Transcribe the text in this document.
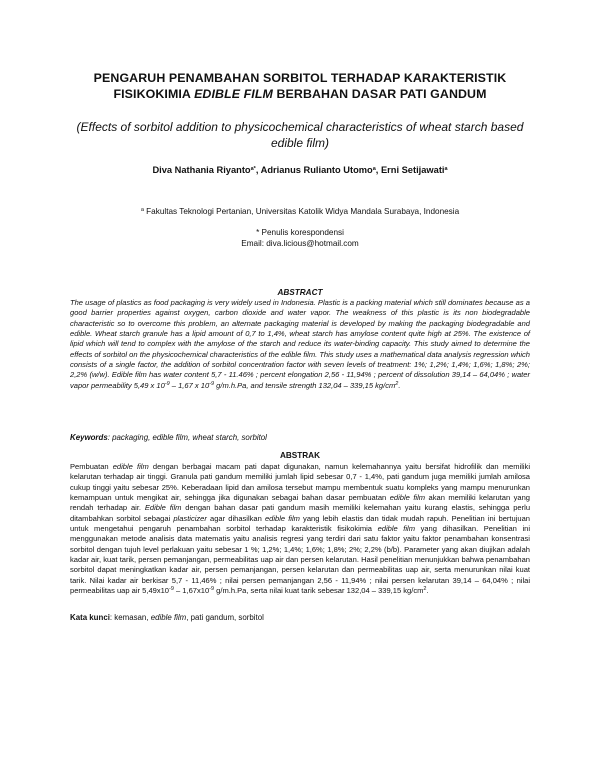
PENGARUH PENAMBAHAN SORBITOL TERHADAP KARAKTERISTIK
FISIKOKIMIA EDIBLE FILM BERBAHAN DASAR PATI GANDUM
(Effects of sorbitol addition to physicochemical characteristics of wheat starch based edible film)
Diva Nathania Riyanto$^{a*}$, Adrianus Rulianto Utomo$^a$, Erni Setijawati$^a$
$^a$ Fakultas Teknologi Pertanian, Universitas Katolik Widya Mandala Surabaya, Indonesia
* Penulis korespondensi
Email: diva.licious@hotmail.com
ABSTRACT
The usage of plastics as food packaging is very widely used in Indonesia. Plastic is a packing material which still dominates because as a good barrier properties against oxygen, carbon dioxide and water vapor. The weakness of this plastic is its non biodegradable characteristic so to overcome this problem, an alternate packaging material is developed by making the packaging biodegradable and edible. Wheat starch granule has a lipid amount of 0,7 to 1,4%, wheat starch has amylose content quite high at 25%. The existence of lipid which will tend to complex with the amylose of the starch and reduce its water-binding capacity. This study aimed to determine the effects of sorbitol on the physicochemical characteristics of the edible film. This study uses a mathematical data analysis regression which consists of a single factor, the addition of sorbitol concentration factor with seven levels of treatment: 1%; 1,2%; 1,4%; 1,6%; 1,8%; 2%; 2,2% (w/w). Edible film has water content 5,7 - 11.46% ; percent elongation 2,56 - 11,94% ; percent of dissolution 39,14 – 64,04% ; water vapor permeability 5,49 x $10^{-9} - 1,67$ x $10^{-9}$ g/m.h.Pa, and tensile strength 132,04 – 339,15 $kg/cm^2$.
Keywords: packaging, edible film, wheat starch, sorbitol
ABSTRAK
Pembuatan edible film dengan berbagai macam pati dapat digunakan, namun kelemahannya yaitu bersifat hidrofilik dan memiliki kelarutan terhadap air tinggi. Granula pati gandum memiliki jumlah lipid sebesar 0,7 - 1,4%, pati gandum juga memiliki jumlah amilosa cukup tinggi yaitu sebesar 25%. Keberadaan lipid dan amilosa tersebut mampu membentuk suatu kompleks yang mampu menurunkan kemampuan untuk mengikat air, sehingga jika digunakan sebagai bahan dasar pembuatan edible film akan memiliki kelarutan yang rendah terhadap air. Edible film dengan bahan dasar pati gandum masih memiliki kelemahan yaitu kurang elastis, sehingga perlu ditambahkan sorbitol sebagai plasticizer agar dihasilkan edible film yang lebih elastis dan tidak mudah rapuh. Penelitian ini bertujuan untuk mengetahui pengaruh penambahan sorbitol terhadap karakteristik fisikokimia edible film yang dihasilkan. Penelitian ini menggunakan metode analisis data matematis yaitu analisis regresi yang terdiri dari satu faktor yaitu faktor penambahan konsentrasi sorbitol dengan tujuh level perlakuan yaitu sebesar 1 %; 1,2%; 1,4%; 1,6%; 1,8%; 2%; 2,2% (b/b). Parameter yang akan diujikan adalah kadar air, kuat tarik, persen pemanjangan, permeabilitas uap air dan persen kelarutan. Hasil penelitian menunjukkan bahwa penambahan sorbitol dapat meningkatkan kadar air, persen pemanjangan, persen kelarutan dan permeabilitas uap air, serta menurunkan nilai kuat tarik. Nilai kadar air berkisar 5,7 - 11,46% ; nilai persen pemanjangan 2,56 - 11,94% ; nilai persen kelarutan 39,14 – 64,04% ; nilai permeabilitas uap air $5,49x10^{-9} - 1,67x10^{-9}$ g/m.h.Pa, serta nilai kuat tarik sebesar 132,04 – 339,15 $kg/cm^2$.
Kata kunci: kemasan, edible film, pati gandum, sorbitol
